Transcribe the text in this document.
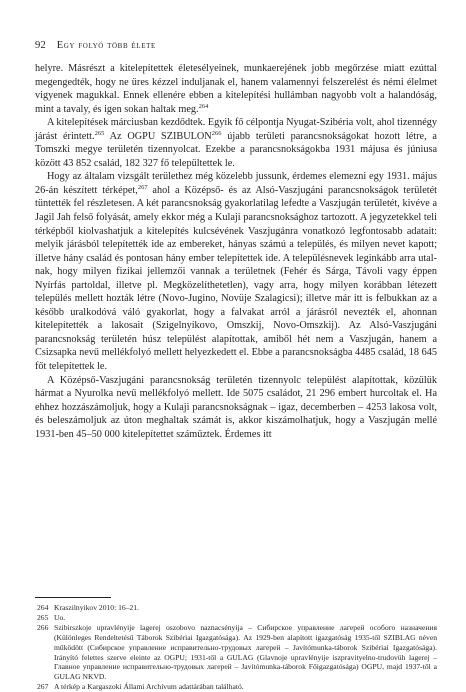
92 Egy folyó több élete

helyre. Másrészt a kitelepítettek életesélyeinek, munkaerejének jobb megőrzése miatt ezúttal megengedték, hogy ne üres kézzel induljanak el, hanem valamennyi felszerelést és némi élelmet vigyenek magukkal. Ennek ellenére ebben a kitelepítési hullámban nagyobb volt a halandóság, mint a tavaly, és igen sokan haltak meg.$^{264}$

A kitelepítések márciusban kezdődtek. Egyik fő célpontja Nyugat-Szibéria volt, ahol tizennégy járást érintett.$^{265}$ Az OGPU SZIBULON$^{266}$ újabb területi parancsnokságokat hozott létre, a Tomszki megye területén tizennyolcat. Ezekbe a parancsnokságokba 1931 májusa és júniusa között 43 852 család, 182 327 fő települtettek le.

Hogy az általam vizsgált területhez még közelebb jussunk, érdemes elemezni egy 1931. május 26-án készített térképet,$^{267}$ ahol a Középső- és az Alsó-Vaszjugáni parancsnokságok területét tüntették fel részletesen. A két parancsnokság gyakorlatilag lefedte a Vaszjugán területét, kivéve a Jagil Jah felső folyását, amely ekkor még a Kulaji parancsnoksághoz tartozott. A jegyzetekkel teli térképből kiolvashatjuk a kitelepítés kulcsévének Vaszjugánra vonatkozó legfontosabb adatait: melyik járásból telepítették ide az embereket, hányas számú a település, és milyen nevet kapott; illetve hány család és pontosan hány ember telepítettek ide. A településnevek leginkább arra utalnak, hogy milyen fizikai jellemzői vannak a területnek (Fehér és Sárga, Távoli vagy éppen Nyírfás partoldal, illetve pl. Megközelíthetetlen), vagy arra, hogy milyen korábban létezett település mellett hozták létre (Novo-Jugino, Novüje Szalagicsi); illetve már itt is felbukkan az a később uralkodóvá váló gyakorlat, hogy a falvakat arról a járásról nevezték el, ahonnan kitelepítették a lakosait (Szigelnyikovo, Omszkij, Novo-Omszkij). Az Alsó-Vaszjugáni parancsnokság területén húsz települést alapítottak, amiből hét nem a Vaszjugán, hanem a Csizsapka nevű mellékfolyó mellett helyezkedett el. Ebbe a parancsnokságba 4485 család, 18 645 főt telepítettek le.

A Középső-Vaszjugáni parancsnokság területén tizennyolc települést alapítottak, közülük hármat a Nyurolka nevű mellékfolyó mellett. Ide 5075 családot, 21 296 embert hurcoltak el. Ha ehhez hozzászámoljuk, hogy a Kulaji parancsnokságnak – igaz, decemberben – 4253 lakosa volt, és beleszámoljuk az úton meghaltak számát is, akkor kiszámolhatjuk, hogy a Vaszjugán mellé 1931-ben 45–50 000 kitelepítettet száműztek. Érdemes itt

264 Kraszilnyikov 2010: 16–21.
265 Uo.
266 Szibirszkoje upravlényije lagerej oszobovo naznacsényija – Сибирское управление лагерей особого назначения (Különleges Rendeltetésű Táborok Szibériai Igazgatósága). Az 1929-ben alapított igazgatóság 1935-től SZIBLAG néven működött (Сибирское управление исправительно-трудовых лагерей – Javítómunka-táborok Szibériai Igazgatósága). Irányító felettes szerve eleinte az OGPU; 1931-től a GULAG (Glavnoje upravlényije iszpravityelno-trudovüh lagerej – Главное управление исправительно-трудовых лагерей – Javítómunka-táborok Főigazgatósága) OGPU, majd 1937-től a GULAG NKVD.
267 A térkép a Kargaszoki Állami Archívum adattárában található.
